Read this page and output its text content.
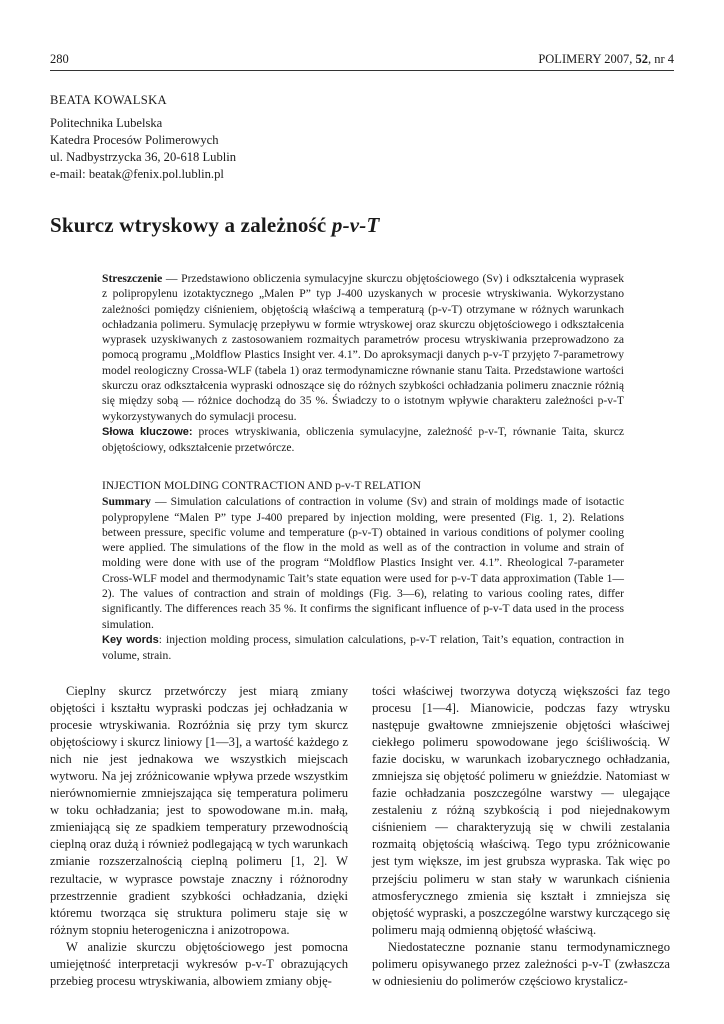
280	POLIMERY 2007, 52, nr 4
BEATA KOWALSKA
Politechnika Lubelska
Katedra Procesów Polimerowych
ul. Nadbystrzycka 36, 20-618 Lublin
e-mail: beatak@fenix.pol.lublin.pl
Skurcz wtryskowy a zależność p-v-T

Streszczenie — Przedstawiono obliczenia symulacyjne skurczu objętościowego (Sv) i odkształcenia wyprasek z polipropylenu izotaktycznego „Malen P” typ J-400 uzyskanych w procesie wtryskiwania. Wykorzystano zależności pomiędzy ciśnieniem, objętością właściwą a temperaturą (p-v-T) otrzymane w różnych warunkach ochładzania polimeru. Symulację przepływu w formie wtryskowej oraz skurczu objętościowego i odkształcenia wyprasek uzyskiwanych z zastosowaniem rozmaitych parametrów procesu wtryskiwania przeprowadzono za pomocą programu „Moldflow Plastics Insight ver. 4.1”. Do aproksymacji danych p-v-T przyjęto 7-parametrowy model reologiczny Crossa-WLF (tabela 1) oraz termodynamiczne równanie stanu Taita. Przedstawione wartości skurczu oraz odkształcenia wypraski odnoszące się do różnych szybkości ochładzania polimeru znacznie różnią się między sobą — różnice dochodzą do 35 %. Świadczy to o istotnym wpływie charakteru zależności p-v-T wykorzystywanych do symulacji procesu.

Słowa kluczowe: proces wtryskiwania, obliczenia symulacyjne, zależność p-v-T, równanie Taita, skurcz objętościowy, odkształcenie przetwórcze.

INJECTION MOLDING CONTRACTION AND p-v-T RELATION

Summary — Simulation calculations of contraction in volume (Sv) and strain of moldings made of isotactic polypropylene “Malen P” type J-400 prepared by injection molding, were presented (Fig. 1, 2). Relations between pressure, specific volume and temperature (p-v-T) obtained in various conditions of polymer cooling were applied. The simulations of the flow in the mold as well as of the contraction in volume and strain of molding were done with use of the program “Moldflow Plastics Insight ver. 4.1”. Rheological 7-parameter Cross-WLF model and thermodynamic Tait’s state equation were used for p-v-T data approximation (Table 1—2). The values of contraction and strain of moldings (Fig. 3—6), relating to various cooling rates, differ significantly. The differences reach 35 %. It confirms the significant influence of p-v-T data used in the process simulation.

Key words: injection molding process, simulation calculations, p-v-T relation, Tait’s equation, contraction in volume, strain.

Cieplny skurcz przetwórczy jest miarą zmiany objętości i kształtu wypraski podczas jej ochładzania w procesie wtryskiwania. Rozróżnia się przy tym skurcz objętościowy i skurcz liniowy [1—3], a wartość każdego z nich nie jest jednakowa we wszystkich miejscach wytworu. Na jej zróżnicowanie wpływa przede wszystkim nierównomiernie zmniejszająca się temperatura polimeru w toku ochładzania; jest to spowodowane m.in. małą, zmieniającą się ze spadkiem temperatury przewodnością cieplną oraz dużą i również podlegającą w tych warunkach zmianie rozszerzalnością cieplną polimeru [1, 2]. W rezultacie, w wyprasce powstaje znaczny i różnorodny przestrzennie gradient szybkości ochładzania, dzięki któremu tworząca się struktura polimeru staje się w różnym stopniu heterogeniczna i anizotropowa.

W analizie skurczu objętościowego jest pomocna umiejętność interpretacji wykresów p-v-T obrazujących przebieg procesu wtryskiwania, albowiem zmiany obję-

tości właściwej tworzywa dotyczą większości faz tego procesu [1—4]. Mianowicie, podczas fazy wtrysku następuje gwałtowne zmniejszenie objętości właściwej ciekłego polimeru spowodowane jego ściśliwością. W fazie docisku, w warunkach izobarycznego ochładzania, zmniejsza się objętość polimeru w gnieździe. Natomiast w fazie ochładzania poszczególne warstwy — ulegające zestaleniu z różną szybkością i pod niejednakowym ciśnieniem — charakteryzują się w chwili zestalania rozmaitą objętością właściwą. Tego typu zróżnicowanie jest tym większe, im jest grubsza wypraska. Tak więc po przejściu polimeru w stan stały w warunkach ciśnienia atmosferycznego zmienia się kształt i zmniejsza się objętość wypraski, a poszczególne warstwy kurczącego się polimeru mają odmienną objętość właściwą.

Niedostateczne poznanie stanu termodynamicznego polimeru opisywanego przez zależności p-v-T (zwłaszcza w odniesieniu do polimerów częściowo krystalicz-
